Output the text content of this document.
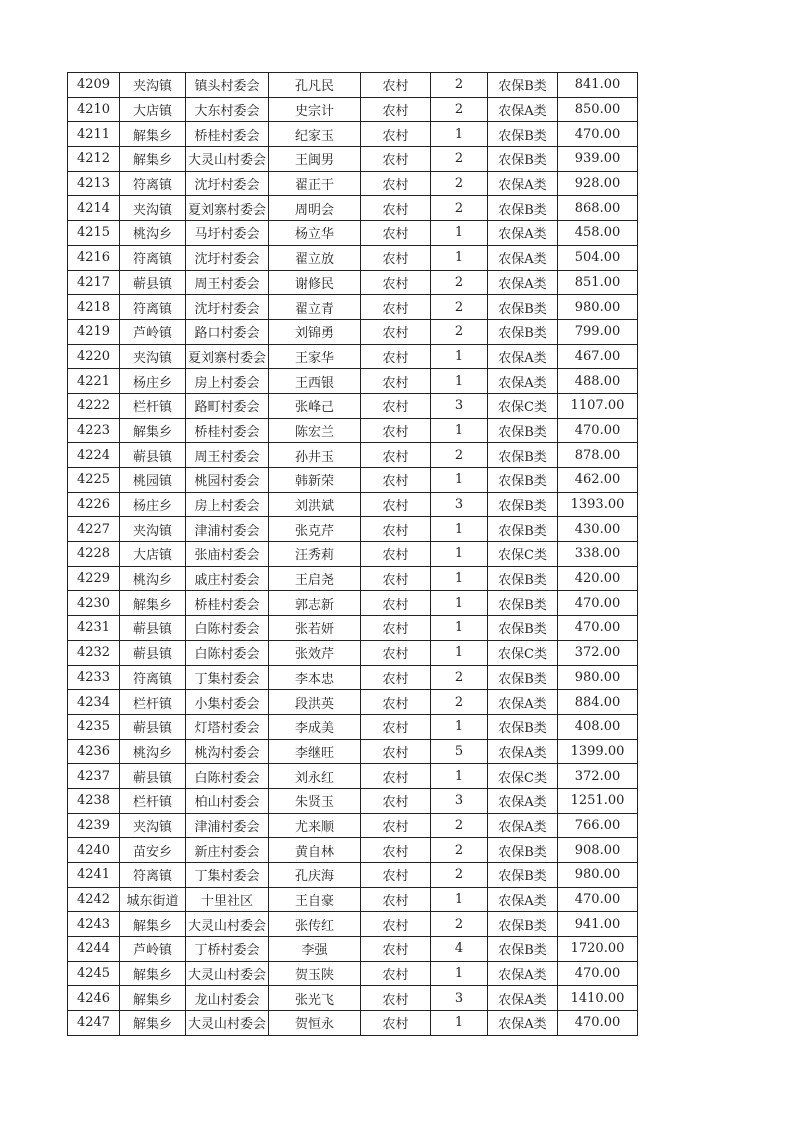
4209	夹沟镇	镇头村委会	孔凡民	农村	2	农保B类	841.00
4210	大店镇	大东村委会	史宗计	农村	2	农保A类	850.00
4211	解集乡	桥桂村委会	纪家玉	农村	1	农保B类	470.00
4212	解集乡	大灵山村委会	王闽男	农村	2	农保B类	939.00
4213	符离镇	沈圩村委会	翟正干	农村	2	农保A类	928.00
4214	夹沟镇	夏刘寨村委会	周明会	农村	2	农保B类	868.00
4215	桃沟乡	马圩村委会	杨立华	农村	1	农保A类	458.00
4216	符离镇	沈圩村委会	翟立放	农村	1	农保A类	504.00
4217	蕲县镇	周王村委会	谢修民	农村	2	农保A类	851.00
4218	符离镇	沈圩村委会	翟立青	农村	2	农保B类	980.00
4219	芦岭镇	路口村委会	刘锦勇	农村	2	农保B类	799.00
4220	夹沟镇	夏刘寨村委会	王家华	农村	1	农保A类	467.00
4221	杨庄乡	房上村委会	王西银	农村	1	农保A类	488.00
4222	栏杆镇	路町村委会	张峰己	农村	3	农保C类	1107.00
4223	解集乡	桥桂村委会	陈宏兰	农村	1	农保B类	470.00
4224	蕲县镇	周王村委会	孙井玉	农村	2	农保B类	878.00
4225	桃园镇	桃园村委会	韩新荣	农村	1	农保B类	462.00
4226	杨庄乡	房上村委会	刘洪斌	农村	3	农保B类	1393.00
4227	夹沟镇	津浦村委会	张克芹	农村	1	农保B类	430.00
4228	大店镇	张庙村委会	汪秀莉	农村	1	农保C类	338.00
4229	桃沟乡	戚庄村委会	王启尧	农村	1	农保B类	420.00
4230	解集乡	桥桂村委会	郭志新	农村	1	农保B类	470.00
4231	蕲县镇	白陈村委会	张若妍	农村	1	农保B类	470.00
4232	蕲县镇	白陈村委会	张效芹	农村	1	农保C类	372.00
4233	符离镇	丁集村委会	李本忠	农村	2	农保B类	980.00
4234	栏杆镇	小集村委会	段洪英	农村	2	农保A类	884.00
4235	蕲县镇	灯塔村委会	李成美	农村	1	农保B类	408.00
4236	桃沟乡	桃沟村委会	李继旺	农村	5	农保A类	1399.00
4237	蕲县镇	白陈村委会	刘永红	农村	1	农保C类	372.00
4238	栏杆镇	柏山村委会	朱贤玉	农村	3	农保A类	1251.00
4239	夹沟镇	津浦村委会	尤来顺	农村	2	农保A类	766.00
4240	苗安乡	新庄村委会	黄自林	农村	2	农保B类	908.00
4241	符离镇	丁集村委会	孔庆海	农村	2	农保B类	980.00
4242	城东街道	十里社区	王自豪	农村	1	农保A类	470.00
4243	解集乡	大灵山村委会	张传红	农村	2	农保B类	941.00
4244	芦岭镇	丁桥村委会	李强	农村	4	农保B类	1720.00
4245	解集乡	大灵山村委会	贺玉陕	农村	1	农保A类	470.00
4246	解集乡	龙山村委会	张光飞	农村	3	农保A类	1410.00
4247	解集乡	大灵山村委会	贺恒永	农村	1	农保A类	470.00
